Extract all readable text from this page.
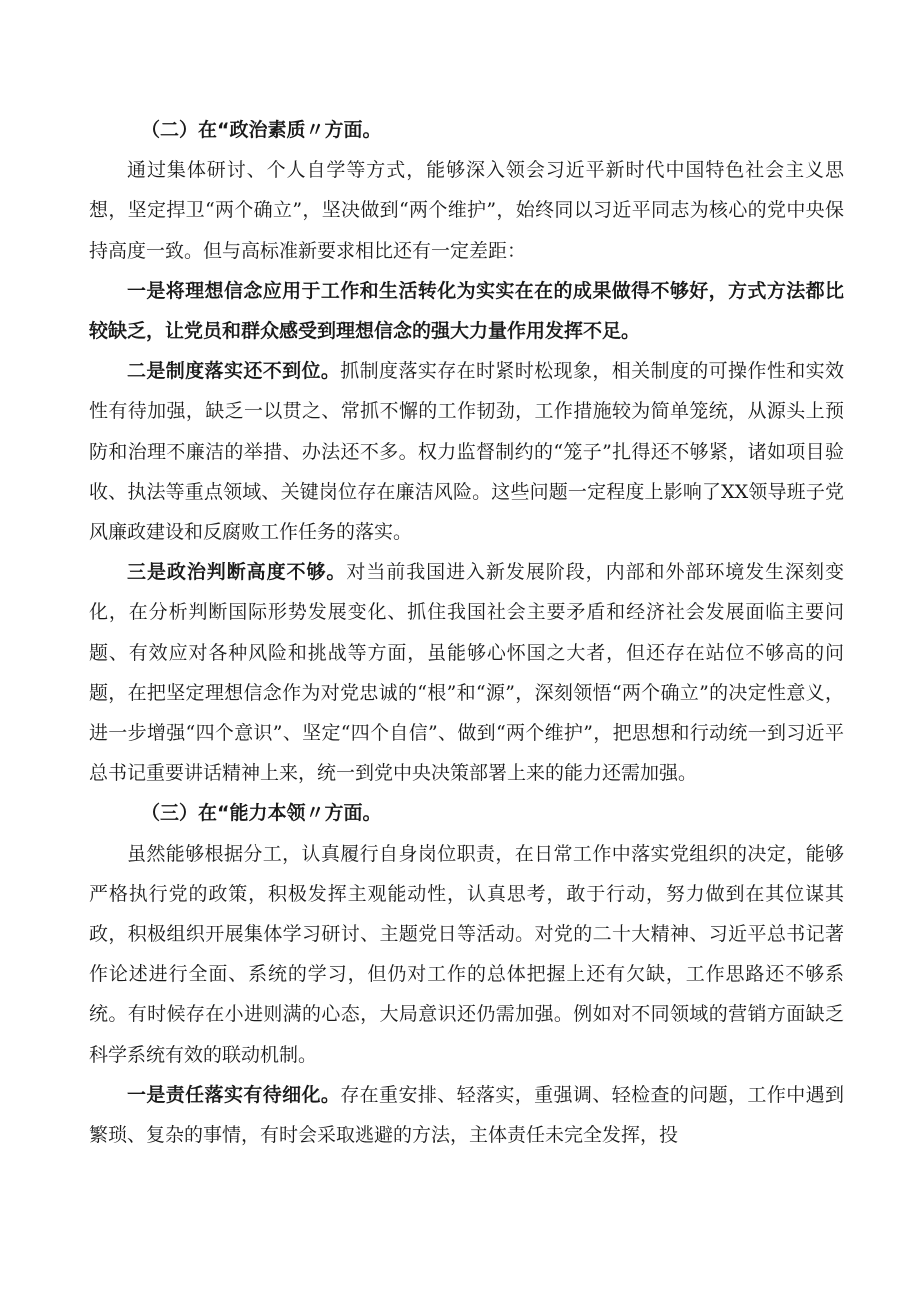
（二）在“政治素质〃方面。

通过集体研讨、个人自学等方式，能够深入领会习近平新时代中国特色社会主义思想，坚定捍卫“两个确立”，坚决做到“两个维护”，始终同以习近平同志为核心的党中央保持高度一致。但与高标准新要求相比还有一定差距：

一是将理想信念应用于工作和生活转化为实实在在的成果做得不够好，方式方法都比较缺乏，让党员和群众感受到理想信念的强大力量作用发挥不足。

二是制度落实还不到位。抓制度落实存在时紧时松现象，相关制度的可操作性和实效性有待加强，缺乏一以贯之、常抓不懈的工作韧劲，工作措施较为简单笼统，从源头上预防和治理不廉洁的举措、办法还不多。权力监督制约的“笼子”扎得还不够紧，诸如项目验收、执法等重点领域、关键岗位存在廉洁风险。这些问题一定程度上影响了XX领导班子党风廉政建设和反腐败工作任务的落实。

三是政治判断高度不够。对当前我国进入新发展阶段，内部和外部环境发生深刻变化，在分析判断国际形势发展变化、抓住我国社会主要矛盾和经济社会发展面临主要问题、有效应对各种风险和挑战等方面，虽能够心怀国之大者，但还存在站位不够高的问题，在把坚定理想信念作为对党忠诚的“根”和“源”，深刻领悟“两个确立”的决定性意义，进一步增强“四个意识”、坚定“四个自信”、做到“两个维护”，把思想和行动统一到习近平总书记重要讲话精神上来，统一到党中央决策部署上来的能力还需加强。

（三）在“能力本领〃方面。

虽然能够根据分工，认真履行自身岗位职责，在日常工作中落实党组织的决定，能够严格执行党的政策，积极发挥主观能动性，认真思考，敢于行动，努力做到在其位谋其政，积极组织开展集体学习研讨、主题党日等活动。对党的二十大精神、习近平总书记著作论述进行全面、系统的学习，但仍对工作的总体把握上还有欠缺，工作思路还不够系统。有时候存在小进则满的心态，大局意识还仍需加强。例如对不同领域的营销方面缺乏科学系统有效的联动机制。

一是责任落实有待细化。存在重安排、轻落实，重强调、轻检查的问题，工作中遇到繁琐、复杂的事情，有时会采取逃避的方法，主体责任未完全发挥，投
